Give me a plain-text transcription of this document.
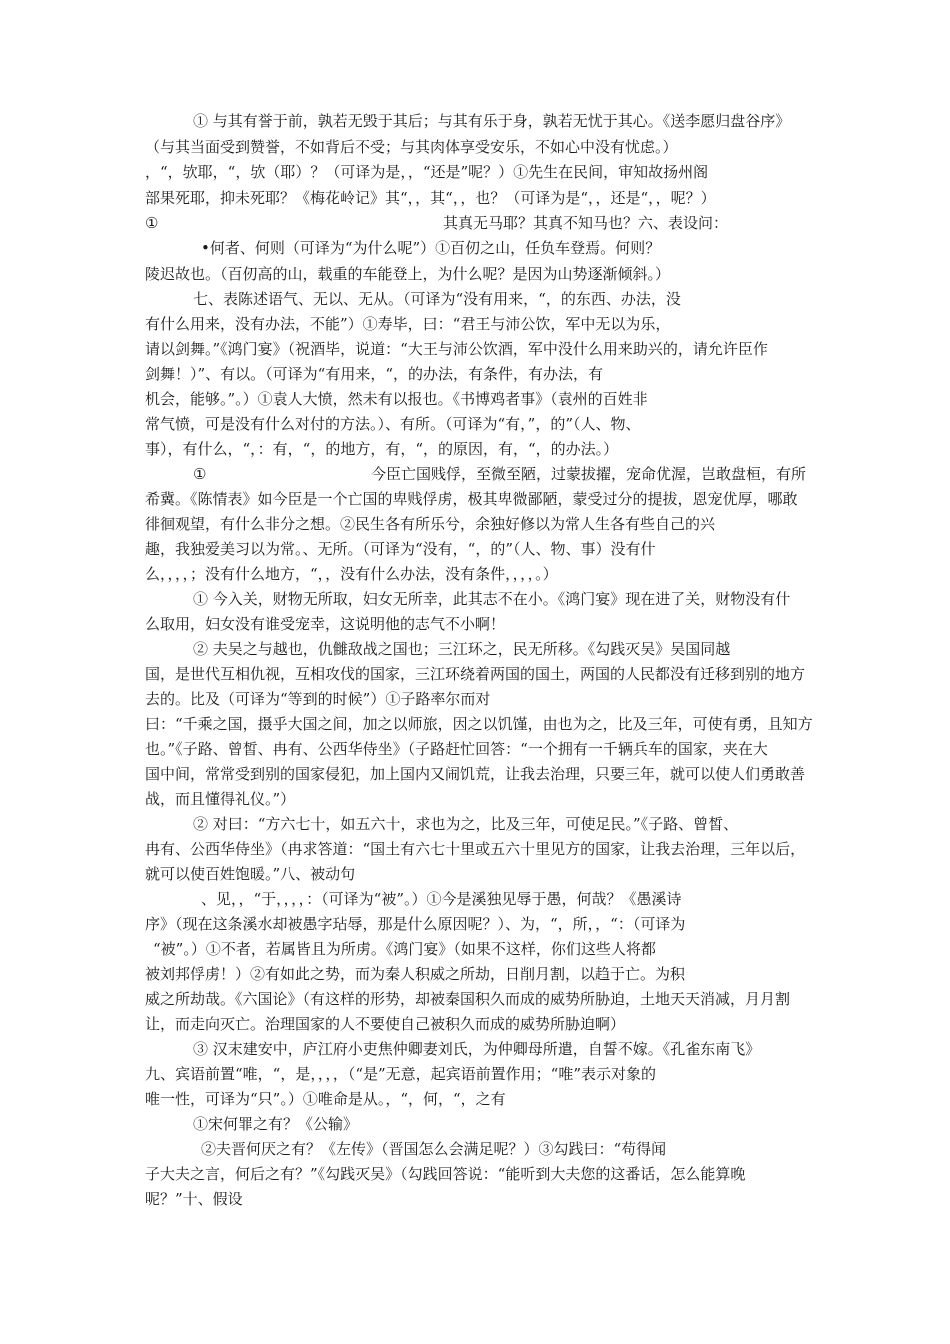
① 与其有誉于前，孰若无毁于其后；与其有乐于身，孰若无忧于其心。《送李愿归盘谷序》
（与其当面受到赞誉，不如背后不受；与其肉体享受安乐，不如心中没有忧虑。）
，“，欤耶，“，欤（耶）？（可译为是，，“还是”呢？）①先生在民间，审知故扬州阁
部果死耶，抑未死耶？《梅花岭记》其“，，其“，，也？（可译为是“，，还是“，，呢？）
①	其真无马耶？其真不知马也？六、表设问：
•何者、何则（可译为“为什么呢”）①百仞之山，任负车登焉。何则？
陵迟故也。（百仞高的山，载重的车能登上，为什么呢？是因为山势逐渐倾斜。）
七、表陈述语气、无以、无从。（可译为“没有用来，“，的东西、办法，没
有什么用来，没有办法，不能”）①寿毕，曰：“君王与沛公饮，军中无以为乐，
请以剑舞。”《鸿门宴》（祝酒毕，说道：“大王与沛公饮酒，军中没什么用来助兴的，请允许臣作
剑舞！）”、有以。（可译为“有用来，“，的办法，有条件，有办法，有
机会，能够。”。）①袁人大愤，然未有以报也。《书博鸡者事》（袁州的百姓非
常气愤，可是没有什么对付的方法。）、有所。（可译为“有，”，的”（人、物、
事），有什么，“，：有，“，的地方，有，“，的原因，有，“，的办法。）
①	今臣亡国贱俘，至微至陋，过蒙拔擢，宠命优渥，岂敢盘桓，有所
希冀。《陈情表》如今臣是一个亡国的卑贱俘虏，极其卑微鄙陋，蒙受过分的提拔，恩宠优厚，哪敢
徘徊观望，有什么非分之想。②民生各有所乐兮，余独好修以为常人生各有些自己的兴
趣，我独爱美习以为常。、无所。（可译为“没有，“，的”（人、物、事）没有什
么，，，，；没有什么地方，“，，没有什么办法，没有条件，，，，。）
① 今入关，财物无所取，妇女无所幸，此其志不在小。《鸿门宴》现在进了关，财物没有什
么取用，妇女没有谁受宠幸，这说明他的志气不小啊！
② 夫吴之与越也，仇雠敌战之国也；三江环之，民无所移。《勾践灭吴》吴国同越
国，是世代互相仇视，互相攻伐的国家，三江环绕着两国的国土，两国的人民都没有迁移到别的地方
去的。比及（可译为“等到的时候”）①子路率尔而对
曰：“千乘之国，摄乎大国之间，加之以师旅，因之以饥馑，由也为之，比及三年，可使有勇，且知方
也。”《子路、曾皙、冉有、公西华侍坐》（子路赶忙回答：“一个拥有一千辆兵车的国家，夹在大
国中间，常常受到别的国家侵犯，加上国内又闹饥荒，让我去治理，只要三年，就可以使人们勇敢善
战，而且懂得礼仪。”）
② 对曰：“方六七十，如五六十，求也为之，比及三年，可使足民。”《子路、曾皙、
冉有、公西华侍坐》（冉求答道：“国土有六七十里或五六十里见方的国家，让我去治理，三年以后，
就可以使百姓饱暖。”八、被动句
、见，，“于，，，，：（可译为“被”。）①今是溪独见辱于愚，何哉？《愚溪诗
序》（现在这条溪水却被愚字玷辱，那是什么原因呢？）、为，“，所，，“：（可译为
“被”。）①不者，若属皆且为所虏。《鸿门宴》（如果不这样，你们这些人将都
被刘邦俘虏！）②有如此之势，而为秦人积威之所劫，日削月割，以趋于亡。为积
威之所劫哉。《六国论》（有这样的形势，却被秦国积久而成的威势所胁迫，土地天天消减，月月割
让，而走向灭亡。治理国家的人不要使自己被积久而成的威势所胁迫啊）
③ 汉末建安中，庐江府小吏焦仲卿妻刘氏，为仲卿母所遣，自誓不嫁。《孔雀东南飞》
九、宾语前置“唯，“，是，，，，（“是”无意，起宾语前置作用；“唯”表示对象的
唯一性，可译为“只”。）①唯命是从。，“，何，“，之有
①宋何罪之有？《公输》
②夫晋何厌之有？《左传》（晋国怎么会满足呢？）③勾践曰：“苟得闻
子大夫之言，何后之有？”《勾践灭吴》（勾践回答说：“能听到大夫您的这番话，怎么能算晚
呢？”十、假设
